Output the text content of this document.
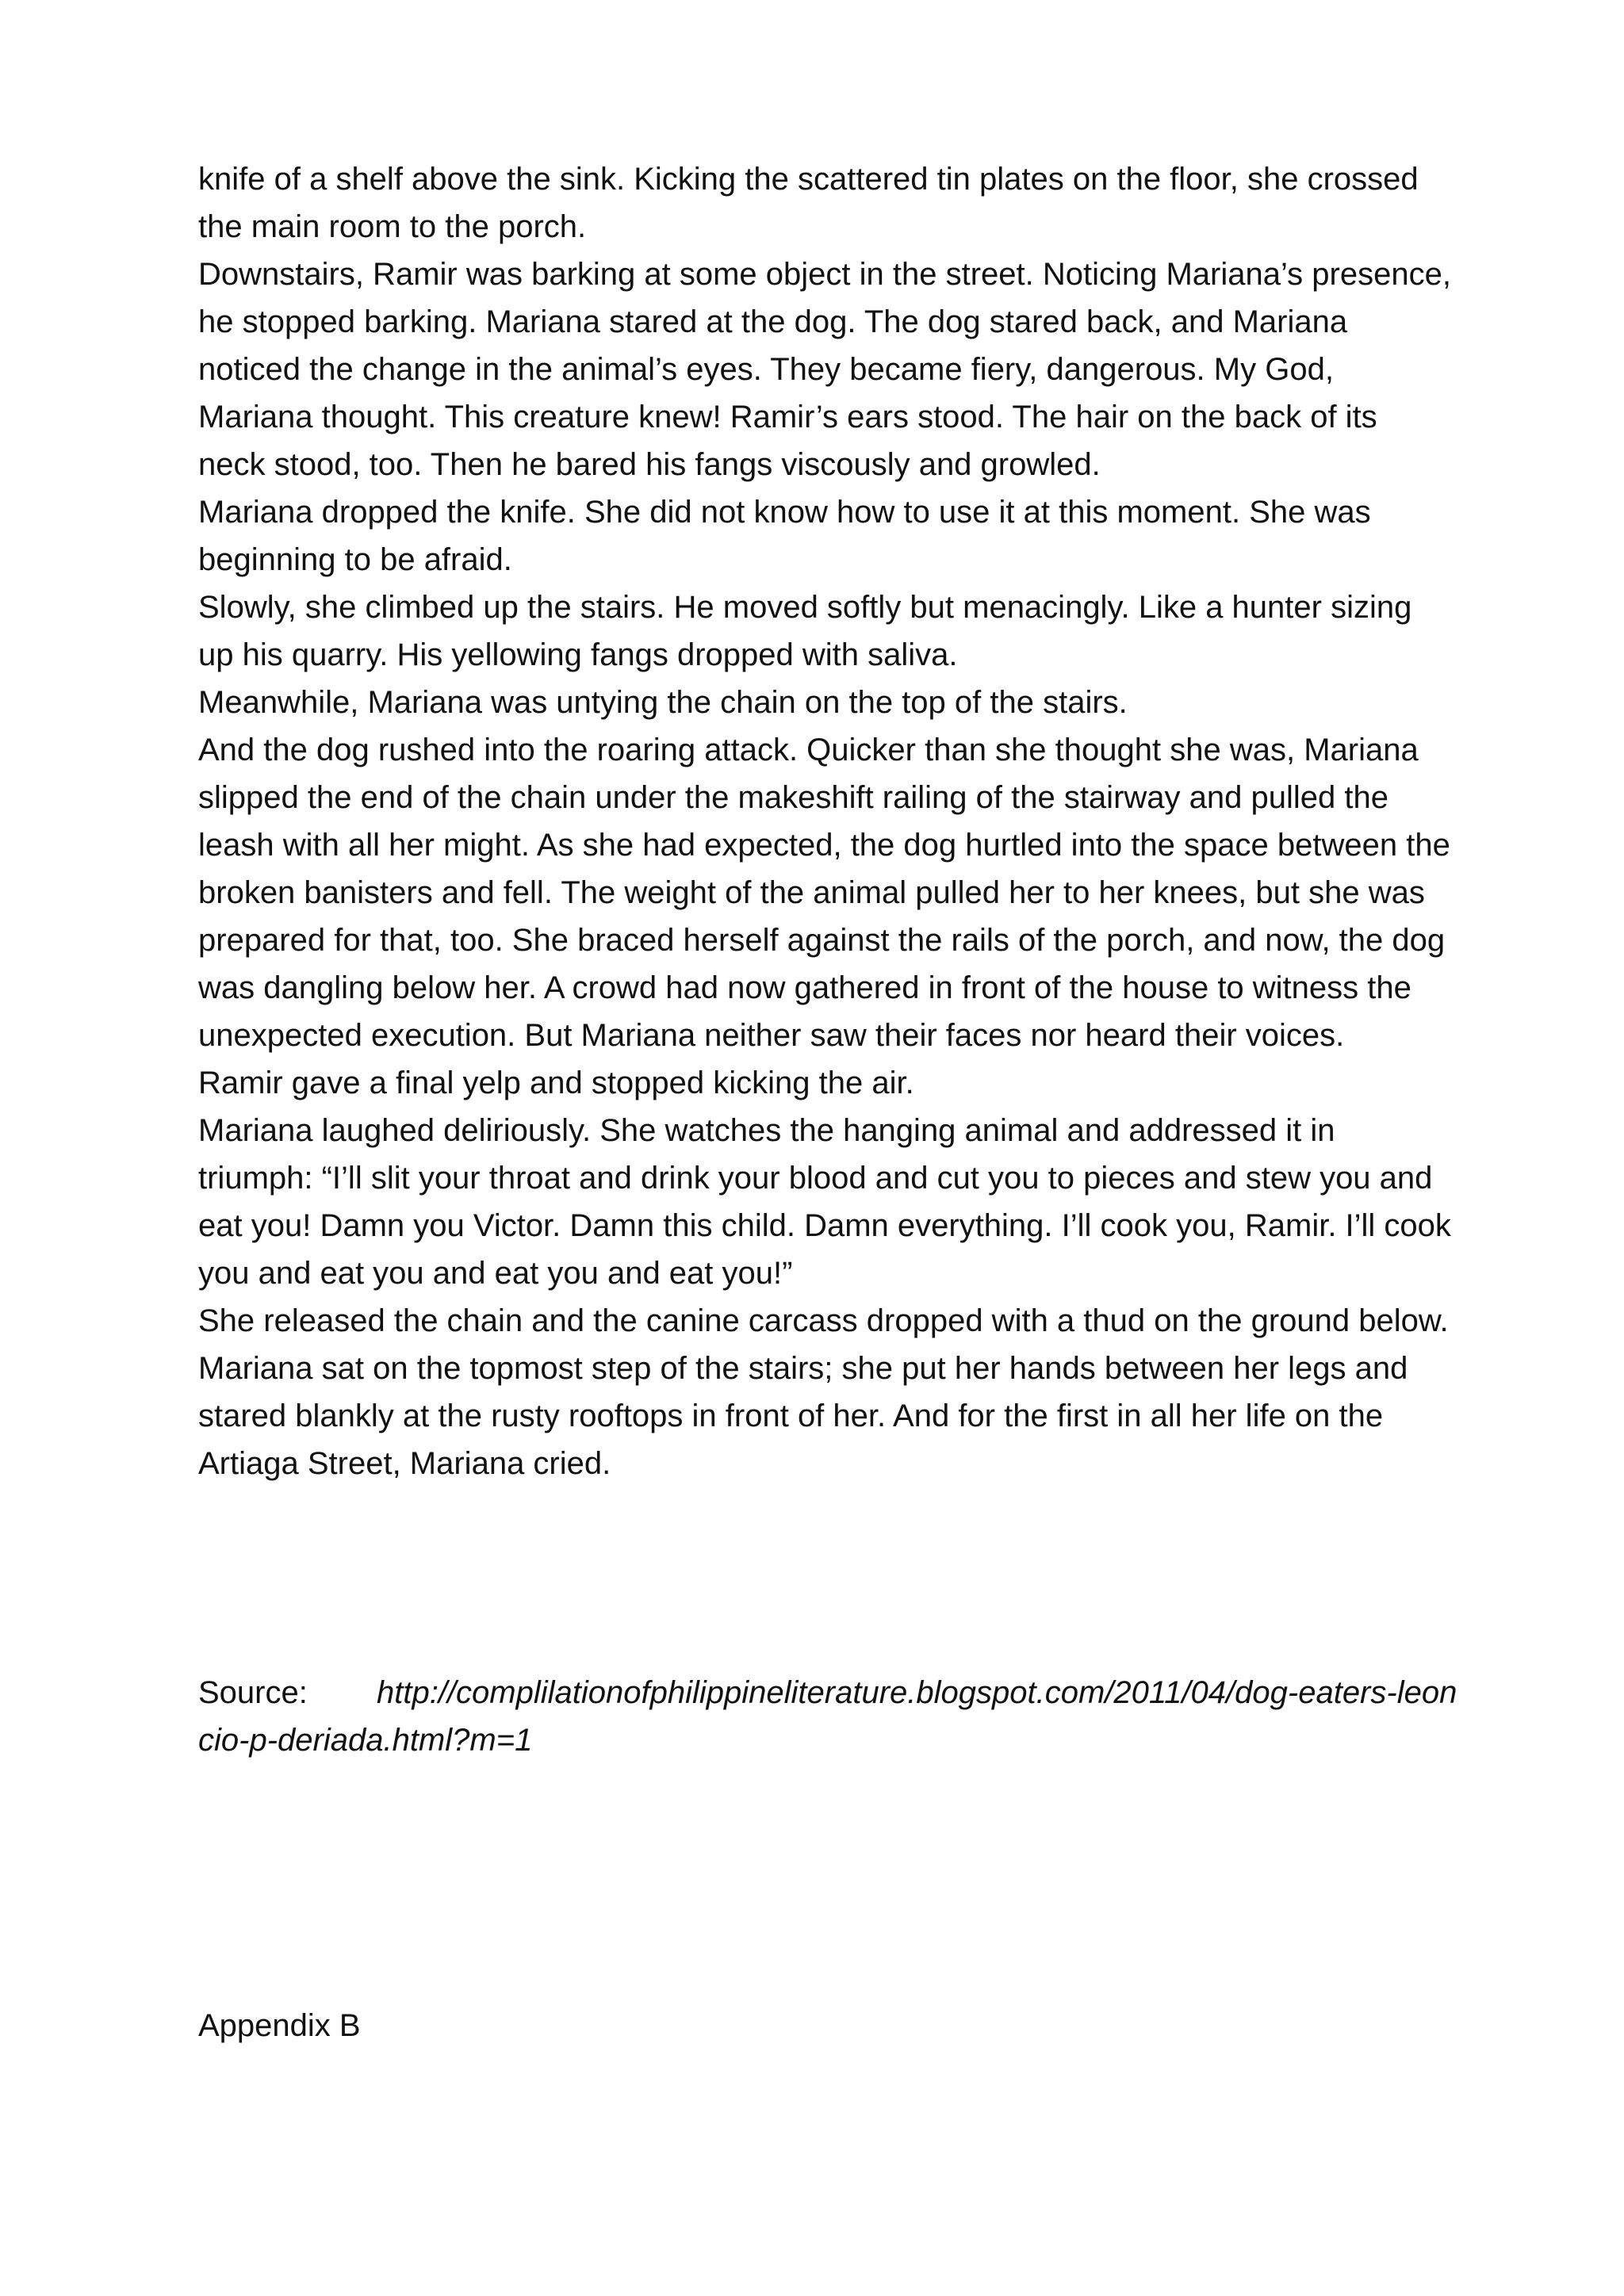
knife of a shelf above the sink. Kicking the scattered tin plates on the floor, she crossed the main room to the porch.

Downstairs, Ramir was barking at some object in the street. Noticing Mariana’s presence, he stopped barking. Mariana stared at the dog. The dog stared back, and Mariana noticed the change in the animal’s eyes. They became fiery, dangerous. My God, Mariana thought. This creature knew! Ramir’s ears stood. The hair on the back of its neck stood, too. Then he bared his fangs viscously and growled.

Mariana dropped the knife. She did not know how to use it at this moment. She was beginning to be afraid.

Slowly, she climbed up the stairs. He moved softly but menacingly. Like a hunter sizing up his quarry. His yellowing fangs dropped with saliva.

Meanwhile, Mariana was untying the chain on the top of the stairs.

And the dog rushed into the roaring attack. Quicker than she thought she was, Mariana slipped the end of the chain under the makeshift railing of the stairway and pulled the leash with all her might. As she had expected, the dog hurtled into the space between the broken banisters and fell. The weight of the animal pulled her to her knees, but she was prepared for that, too. She braced herself against the rails of the porch, and now, the dog was dangling below her. A crowd had now gathered in front of the house to witness the unexpected execution. But Mariana neither saw their faces nor heard their voices.

Ramir gave a final yelp and stopped kicking the air.

Mariana laughed deliriously. She watches the hanging animal and addressed it in triumph: “I’ll slit your throat and drink your blood and cut you to pieces and stew you and eat you! Damn you Victor. Damn this child. Damn everything. I’ll cook you, Ramir. I’ll cook you and eat you and eat you and eat you!”

She released the chain and the canine carcass dropped with a thud on the ground below.

Mariana sat on the topmost step of the stairs; she put her hands between her legs and stared blankly at the rusty rooftops in front of her. And for the first in all her life on the Artiaga Street, Mariana cried.

Source: http://complilationofphilippineliterature.blogspot.com/2011/04/dog-eaters-leoncio-p-deriada.html?m=1
Appendix B
